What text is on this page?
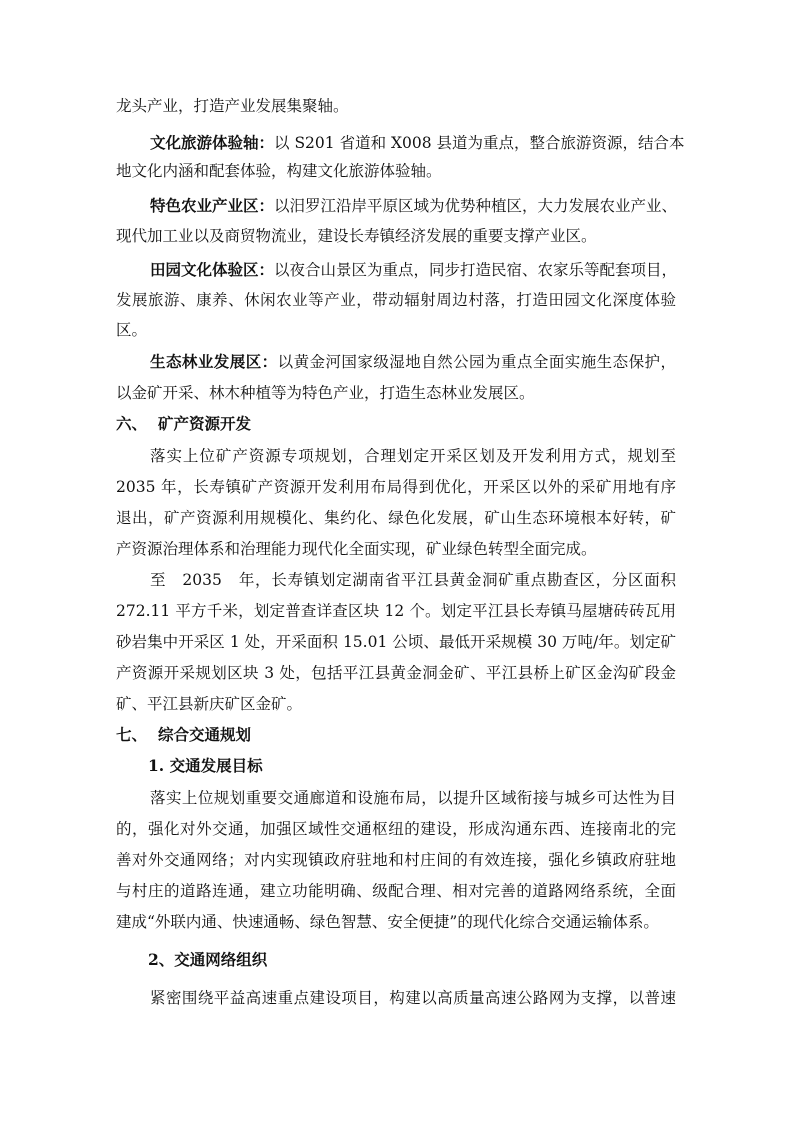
龙头产业，打造产业发展集聚轴。
文化旅游体验轴：以 S201 省道和 X008 县道为重点，整合旅游资源，结合本
地文化内涵和配套体验，构建文化旅游体验轴。
特色农业产业区：以汨罗江沿岸平原区域为优势种植区，大力发展农业产业、
现代加工业以及商贸物流业，建设长寿镇经济发展的重要支撑产业区。
田园文化体验区：以夜合山景区为重点，同步打造民宿、农家乐等配套项目，
发展旅游、康养、休闲农业等产业，带动辐射周边村落，打造田园文化深度体验
区。
生态林业发展区：以黄金河国家级湿地自然公园为重点全面实施生态保护，
以金矿开采、林木种植等为特色产业，打造生态林业发展区。
六、 矿产资源开发
落实上位矿产资源专项规划，合理划定开采区划及开发利用方式，规划至
2035 年，长寿镇矿产资源开发利用布局得到优化，开采区以外的采矿用地有序
退出，矿产资源利用规模化、集约化、绿色化发展，矿山生态环境根本好转，矿
产资源治理体系和治理能力现代化全面实现，矿业绿色转型全面完成。
至　2035　年，长寿镇划定湖南省平江县黄金洞矿重点勘查区，分区面积
272.11 平方千米，划定普查详查区块 12 个。划定平江县长寿镇马屋塘砖砖瓦用
砂岩集中开采区 1 处，开采面积 15.01 公顷、最低开采规模 30 万吨/年。划定矿
产资源开采规划区块 3 处，包括平江县黄金洞金矿、平江县桥上矿区金沟矿段金
矿、平江县新庆矿区金矿。
七、 综合交通规划
1. 交通发展目标
落实上位规划重要交通廊道和设施布局，以提升区域衔接与城乡可达性为目
的，强化对外交通，加强区域性交通枢纽的建设，形成沟通东西、连接南北的完
善对外交通网络；对内实现镇政府驻地和村庄间的有效连接，强化乡镇政府驻地
与村庄的道路连通，建立功能明确、级配合理、相对完善的道路网络系统，全面
建成“外联内通、快速通畅、绿色智慧、安全便捷”的现代化综合交通运输体系。
2、交通网络组织
紧密围绕平益高速重点建设项目，构建以高质量高速公路网为支撑，以普速
